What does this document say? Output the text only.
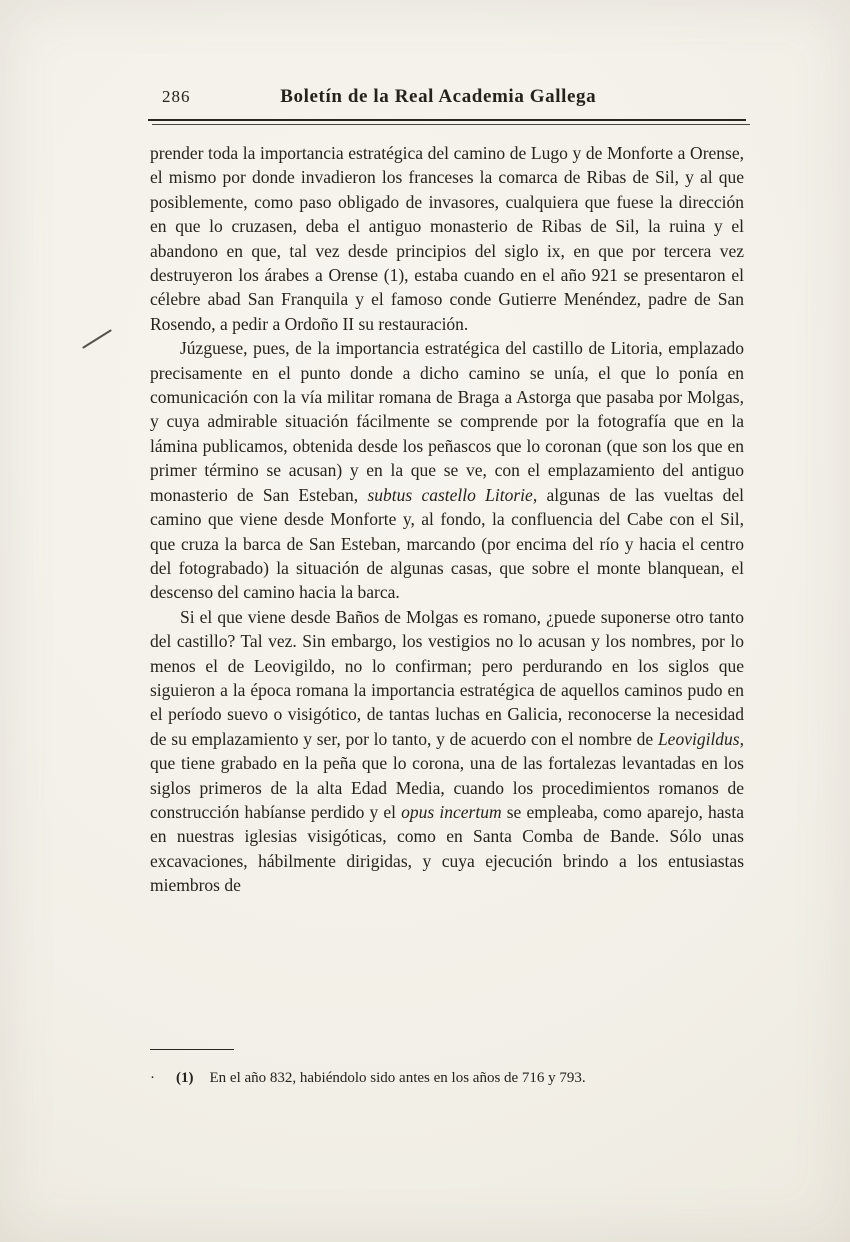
286	Boletín de la Real Academia Gallega

prender toda la importancia estratégica del camino de Lugo y de Monforte a Orense, el mismo por donde invadieron los franceses la comarca de Ribas de Sil, y al que posiblemente, como paso obligado de invasores, cualquiera que fuese la dirección en que lo cruzasen, deba el antiguo monasterio de Ribas de Sil, la ruina y el abandono en que, tal vez desde principios del siglo ix, en que por tercera vez destruyeron los árabes a Orense (1), estaba cuando en el año 921 se presentaron el célebre abad San Franquila y el famoso conde Gutierre Menéndez, padre de San Rosendo, a pedir a Ordoño II su restauración.

Júzguese, pues, de la importancia estratégica del castillo de Litoria, emplazado precisamente en el punto donde a dicho camino se unía, el que lo ponía en comunicación con la vía militar romana de Braga a Astorga que pasaba por Molgas, y cuya admirable situación fácilmente se comprende por la fotografía que en la lámina publicamos, obtenida desde los peñascos que lo coronan (que son los que en primer término se acusan) y en la que se ve, con el emplazamiento del antiguo monasterio de San Esteban, subtus castello Litorie, algunas de las vueltas del camino que viene desde Monforte y, al fondo, la confluencia del Cabe con el Sil, que cruza la barca de San Esteban, marcando (por encima del río y hacia el centro del fotograbado) la situación de algunas casas, que sobre el monte blanquean, el descenso del camino hacia la barca.

Si el que viene desde Baños de Molgas es romano, ¿puede suponerse otro tanto del castillo? Tal vez. Sin embargo, los vestigios no lo acusan y los nombres, por lo menos el de Leovigildo, no lo confirman; pero perdurando en los siglos que siguieron a la época romana la importancia estratégica de aquellos caminos pudo en el período suevo o visigótico, de tantas luchas en Galicia, reconocerse la necesidad de su emplazamiento y ser, por lo tanto, y de acuerdo con el nombre de Leovigildus, que tiene grabado en la peña que lo corona, una de las fortalezas levantadas en los siglos primeros de la alta Edad Media, cuando los procedimientos romanos de construcción habíanse perdido y el opus incertum se empleaba, como aparejo, hasta en nuestras iglesias visigóticas, como en Santa Comba de Bande. Sólo unas excavaciones, hábilmente dirigidas, y cuya ejecución brindo a los entusiastas miembros de

· (1) En el año 832, habiéndolo sido antes en los años de 716 y 793.
